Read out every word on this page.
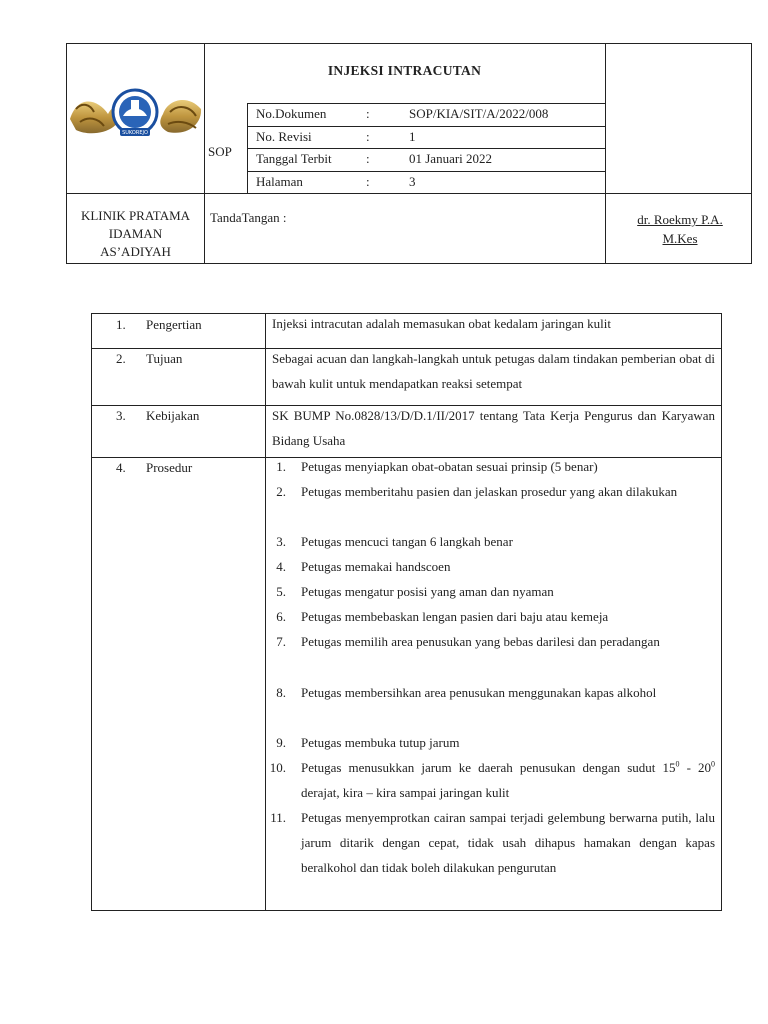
SUKOREJO
INJEKSI INTRACUTAN
SOP
No.Dokumen	:	SOP/KIA/SIT/A/2022/008
No. Revisi	:	1
Tanggal Terbit	:	01 Januari 2022
Halaman	:	3
KLINIK PRATAMA
IDAMAN
AS’ADIYAH
TandaTangan :	dr. Roekmy P.A.
M.Kes
1. Pengertian	Injeksi intracutan adalah memasukan obat kedalam jaringan kulit
2. Tujuan	Sebagai acuan dan langkah-langkah untuk petugas dalam tindakan pemberian obat di bawah kulit untuk mendapatkan reaksi setempat
3. Kebijakan	SK BUMP No.0828/13/D/D.1/II/2017 tentang Tata Kerja Pengurus dan Karyawan Bidang Usaha
4. Prosedur	1. Petugas menyiapkan obat-obatan sesuai prinsip (5 benar)
2. Petugas memberitahu pasien dan jelaskan prosedur yang akan dilakukan
3. Petugas mencuci tangan 6 langkah benar
4. Petugas memakai handscoen
5. Petugas mengatur posisi yang aman dan nyaman
6. Petugas membebaskan lengan pasien dari baju atau kemeja
7. Petugas memilih area penusukan yang bebas darilesi dan peradangan
8. Petugas membersihkan area penusukan menggunakan kapas alkohol
9. Petugas membuka tutup jarum
10. Petugas menusukkan jarum ke daerah penusukan dengan sudut $15^0 - 20^0$ derajat, kira – kira sampai jaringan kulit
11. Petugas menyemprotkan cairan sampai terjadi gelembung berwarna putih, lalu jarum ditarik dengan cepat, tidak usah dihapus hamakan dengan kapas beralkohol dan tidak boleh dilakukan pengurutan
